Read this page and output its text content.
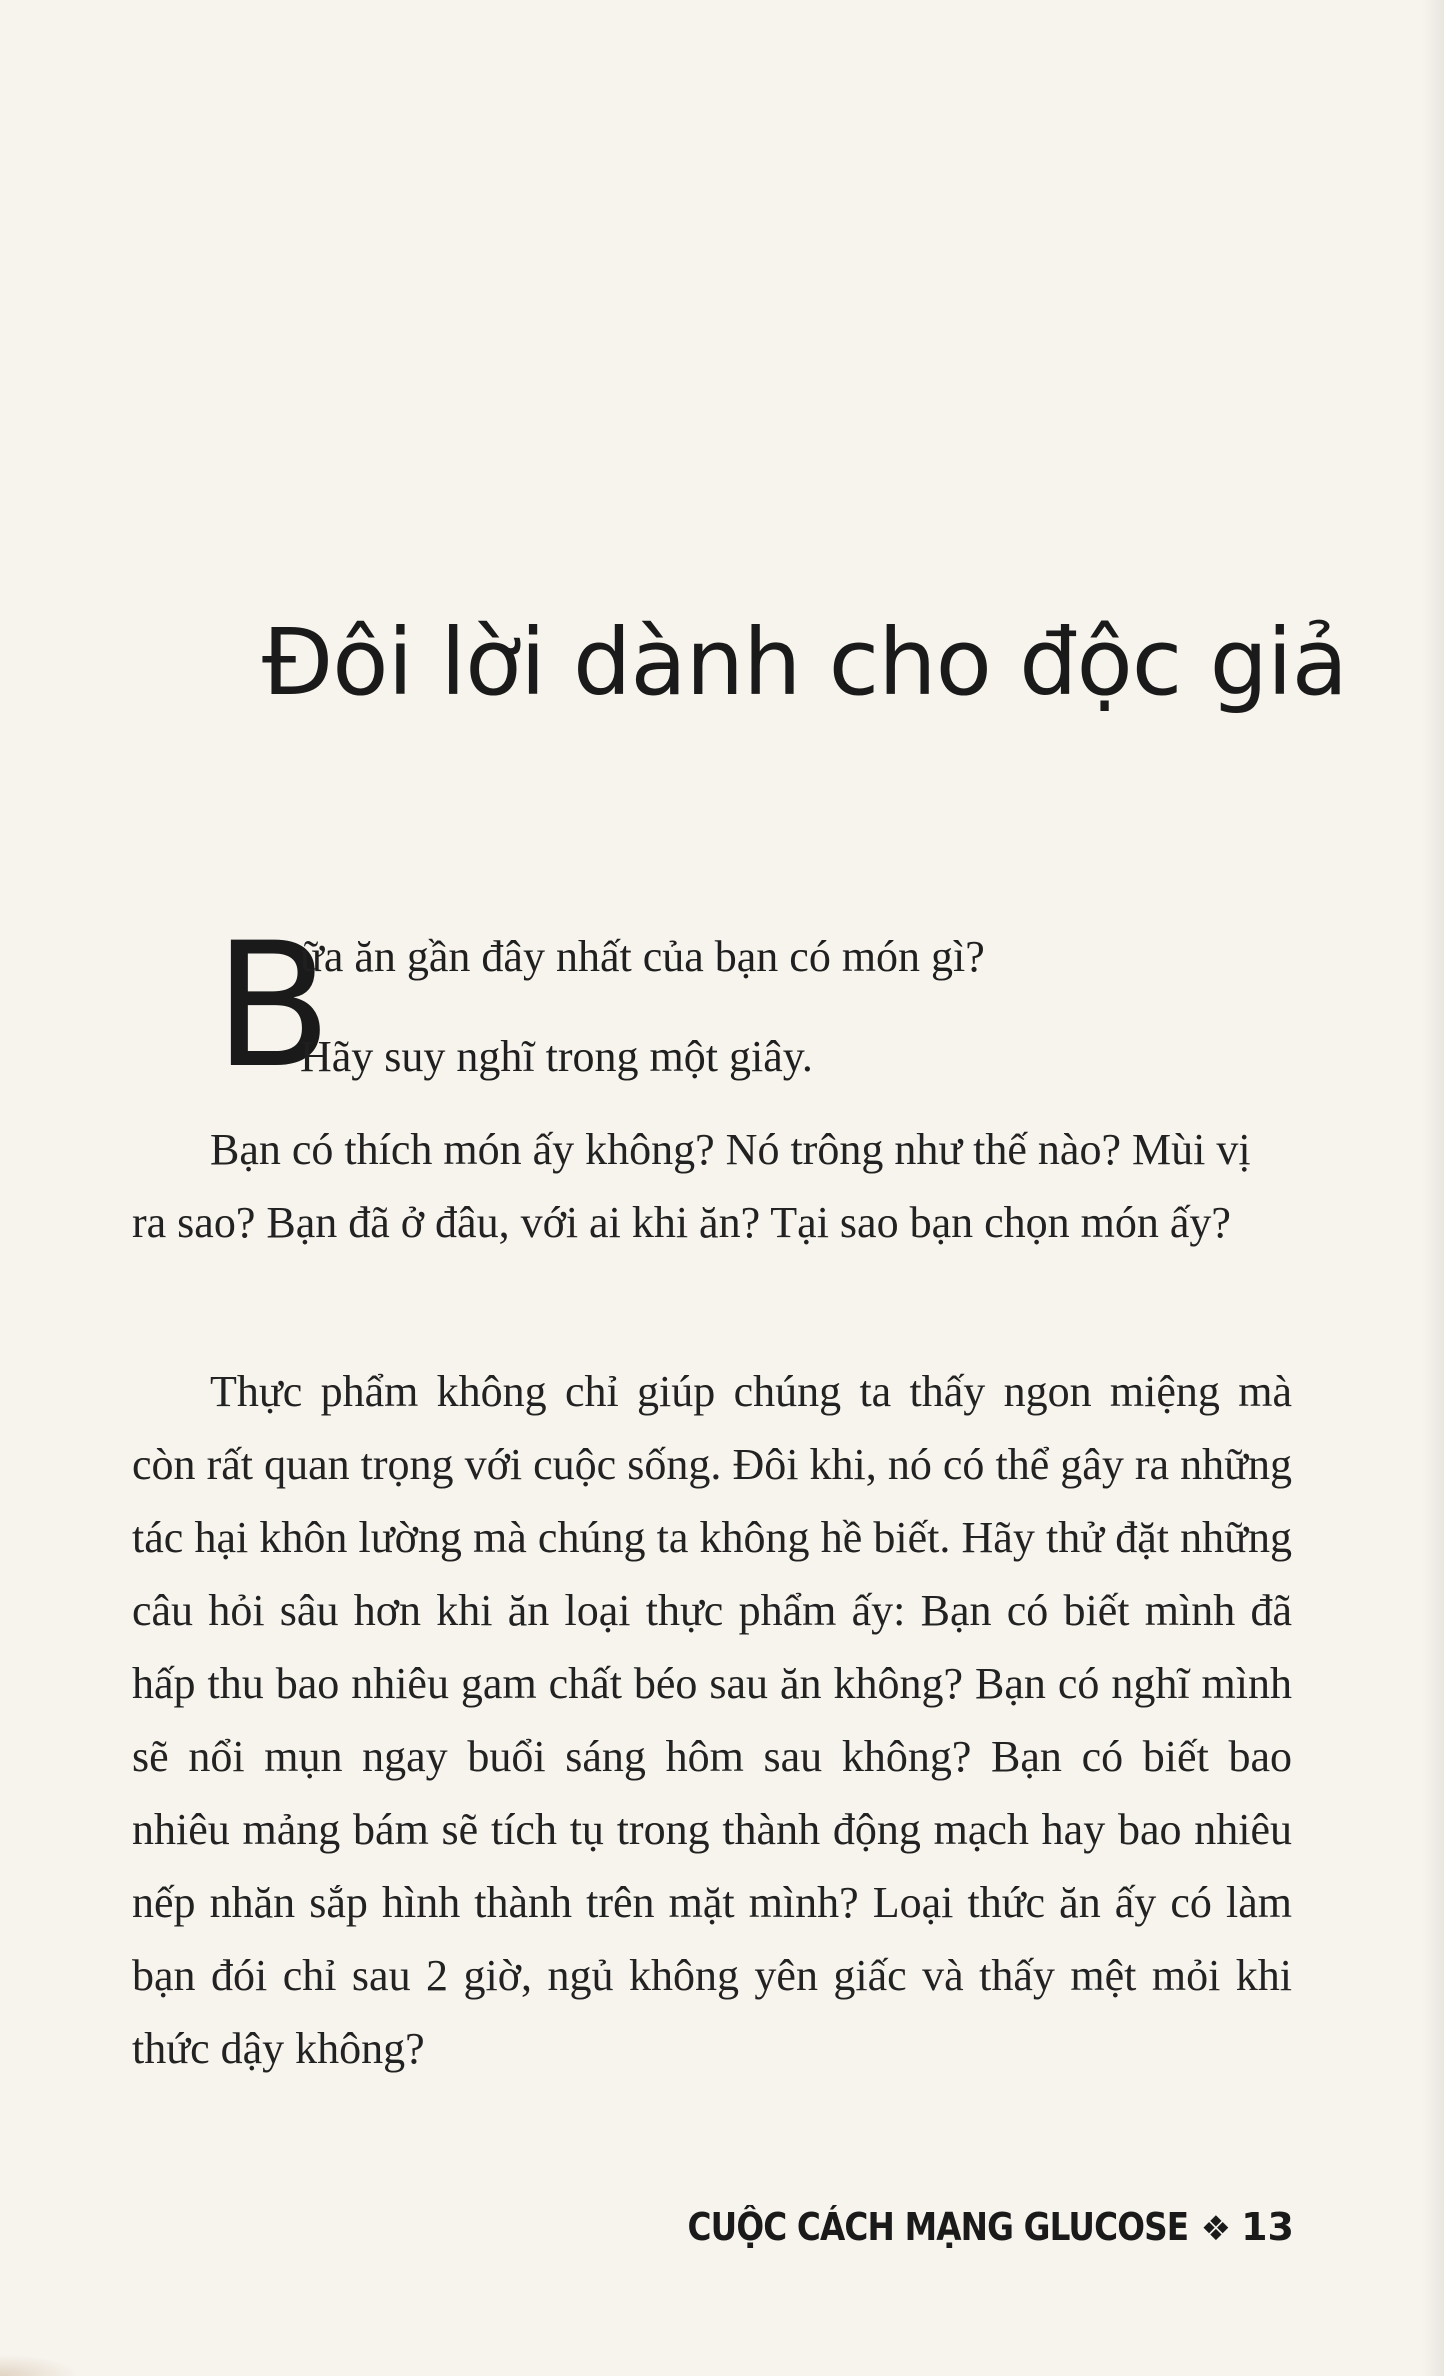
Đôi lời dành cho độc giả
B
ữa ăn gần đây nhất của bạn có món gì?
Hãy suy nghĩ trong một giây.

Bạn có thích món ấy không? Nó trông như thế nào? Mùi vị ra sao? Bạn đã ở đâu, với ai khi ăn? Tại sao bạn chọn món ấy?

Thực phẩm không chỉ giúp chúng ta thấy ngon miệng mà còn rất quan trọng với cuộc sống. Đôi khi, nó có thể gây ra những tác hại khôn lường mà chúng ta không hề biết. Hãy thử đặt những câu hỏi sâu hơn khi ăn loại thực phẩm ấy: Bạn có biết mình đã hấp thu bao nhiêu gam chất béo sau ăn không? Bạn có nghĩ mình sẽ nổi mụn ngay buổi sáng hôm sau không? Bạn có biết bao nhiêu mảng bám sẽ tích tụ trong thành động mạch hay bao nhiêu nếp nhăn sắp hình thành trên mặt mình? Loại thức ăn ấy có làm bạn đói chỉ sau 2 giờ, ngủ không yên giấc và thấy mệt mỏi khi thức dậy không?

CUỘC CÁCH MẠNG GLUCOSE ❖ 13
